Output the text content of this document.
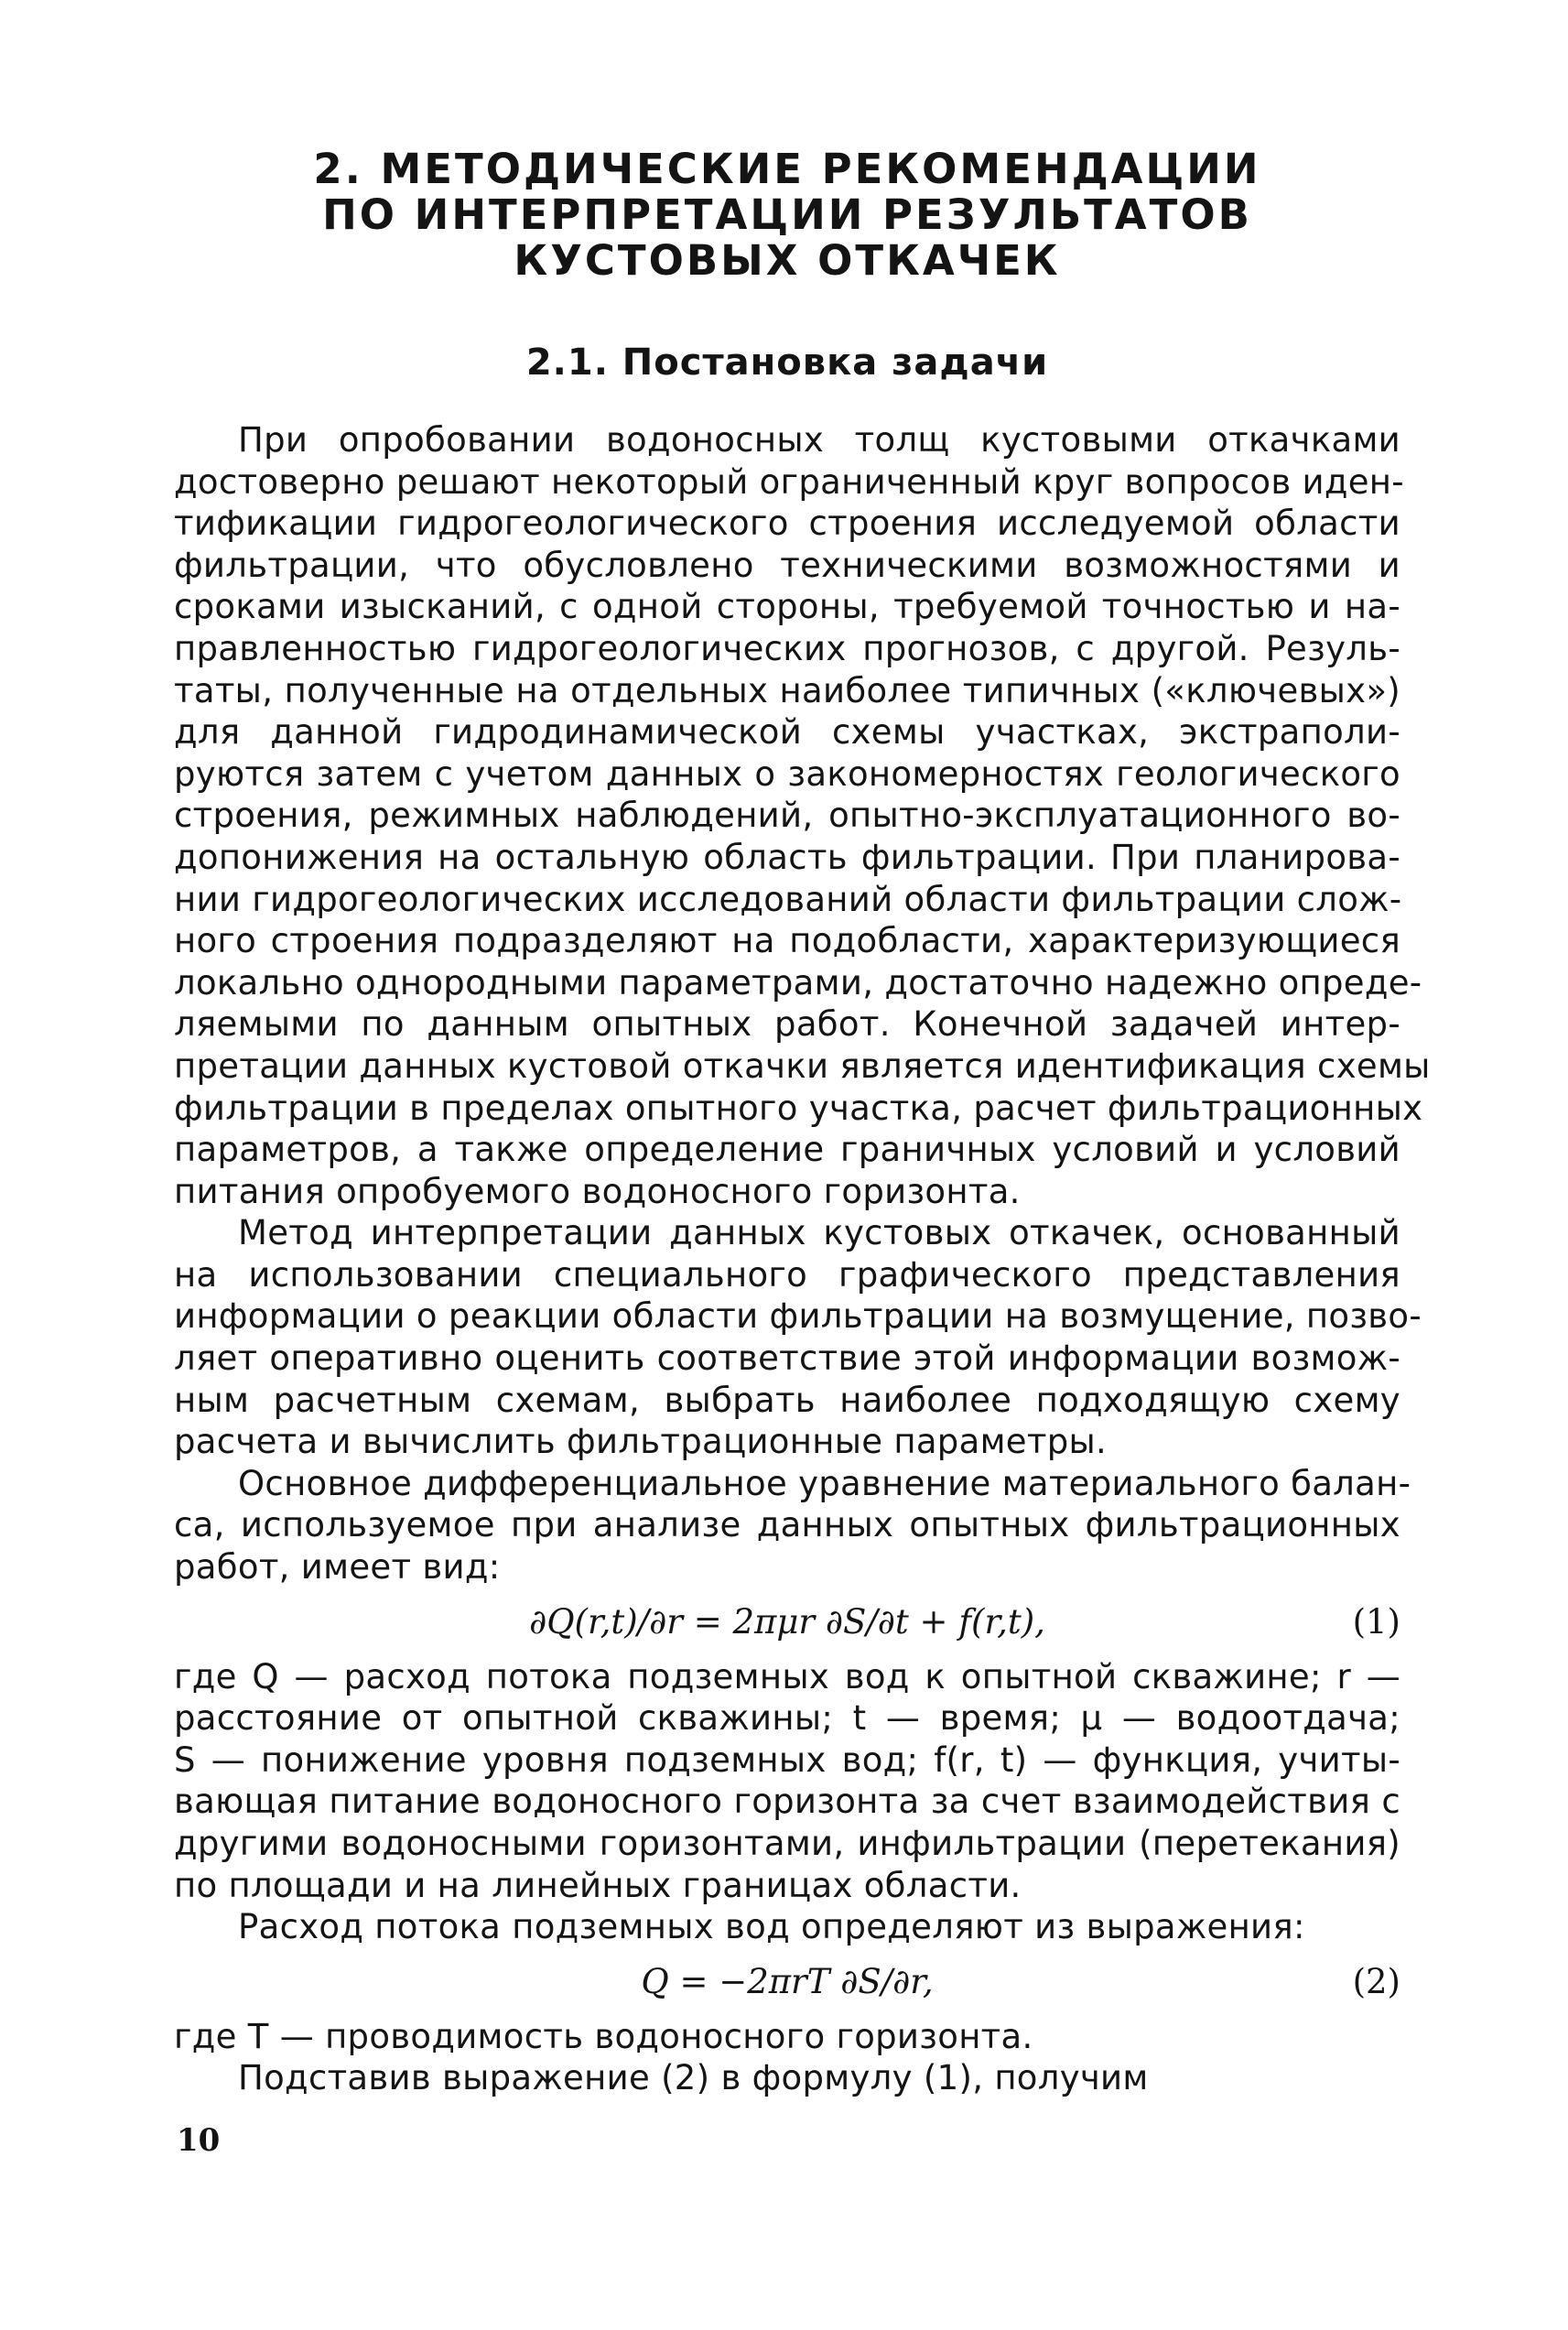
2. МЕТОДИЧЕСКИЕ РЕКОМЕНДАЦИИ
ПО ИНТЕРПРЕТАЦИИ РЕЗУЛЬТАТОВ
КУСТОВЫХ ОТКАЧЕК
2.1. Постановка задачи
При опробовании водоносных толщ кустовыми откачками
достоверно решают некоторый ограниченный круг вопросов иден-
тификации гидрогеологического строения исследуемой области
фильтрации, что обусловлено техническими возможностями и
сроками изысканий, с одной стороны, требуемой точностью и на-
правленностью гидрогеологических прогнозов, с другой. Резуль-
таты, полученные на отдельных наиболее типичных («ключевых»)
для данной гидродинамической схемы участках, экстраполи-
руются затем с учетом данных о закономерностях геологического
строения, режимных наблюдений, опытно-эксплуатационного во-
допонижения на остальную область фильтрации. При планирова-
нии гидрогеологических исследований области фильтрации слож-
ного строения подразделяют на подобласти, характеризующиеся
локально однородными параметрами, достаточно надежно опреде-
ляемыми по данным опытных работ. Конечной задачей интер-
претации данных кустовой откачки является идентификация схемы
фильтрации в пределах опытного участка, расчет фильтрационных
параметров, а также определение граничных условий и условий
питания опробуемого водоносного горизонта.
Метод интерпретации данных кустовых откачек, основанный
на использовании специального графического представления
информации о реакции области фильтрации на возмущение, позво-
ляет оперативно оценить соответствие этой информации возмож-
ным расчетным схемам, выбрать наиболее подходящую схему
расчета и вычислить фильтрационные параметры.
Основное дифференциальное уравнение материального балан-
са, используемое при анализе данных опытных фильтрационных
работ, имеет вид:
∂Q(r,t)/∂r = 2πμr ∂S/∂t + f(r,t),	(1)
где Q — расход потока подземных вод к опытной скважине; r —
расстояние от опытной скважины; t — время; μ — водоотдача;
S — понижение уровня подземных вод; f(r, t) — функция, учиты-
вающая питание водоносного горизонта за счет взаимодействия с
другими водоносными горизонтами, инфильтрации (перетекания)
по площади и на линейных границах области.
Расход потока подземных вод определяют из выражения:
Q = −2πrT ∂S/∂r,	(2)
где T — проводимость водоносного горизонта.
Подставив выражение (2) в формулу (1), получим
10
